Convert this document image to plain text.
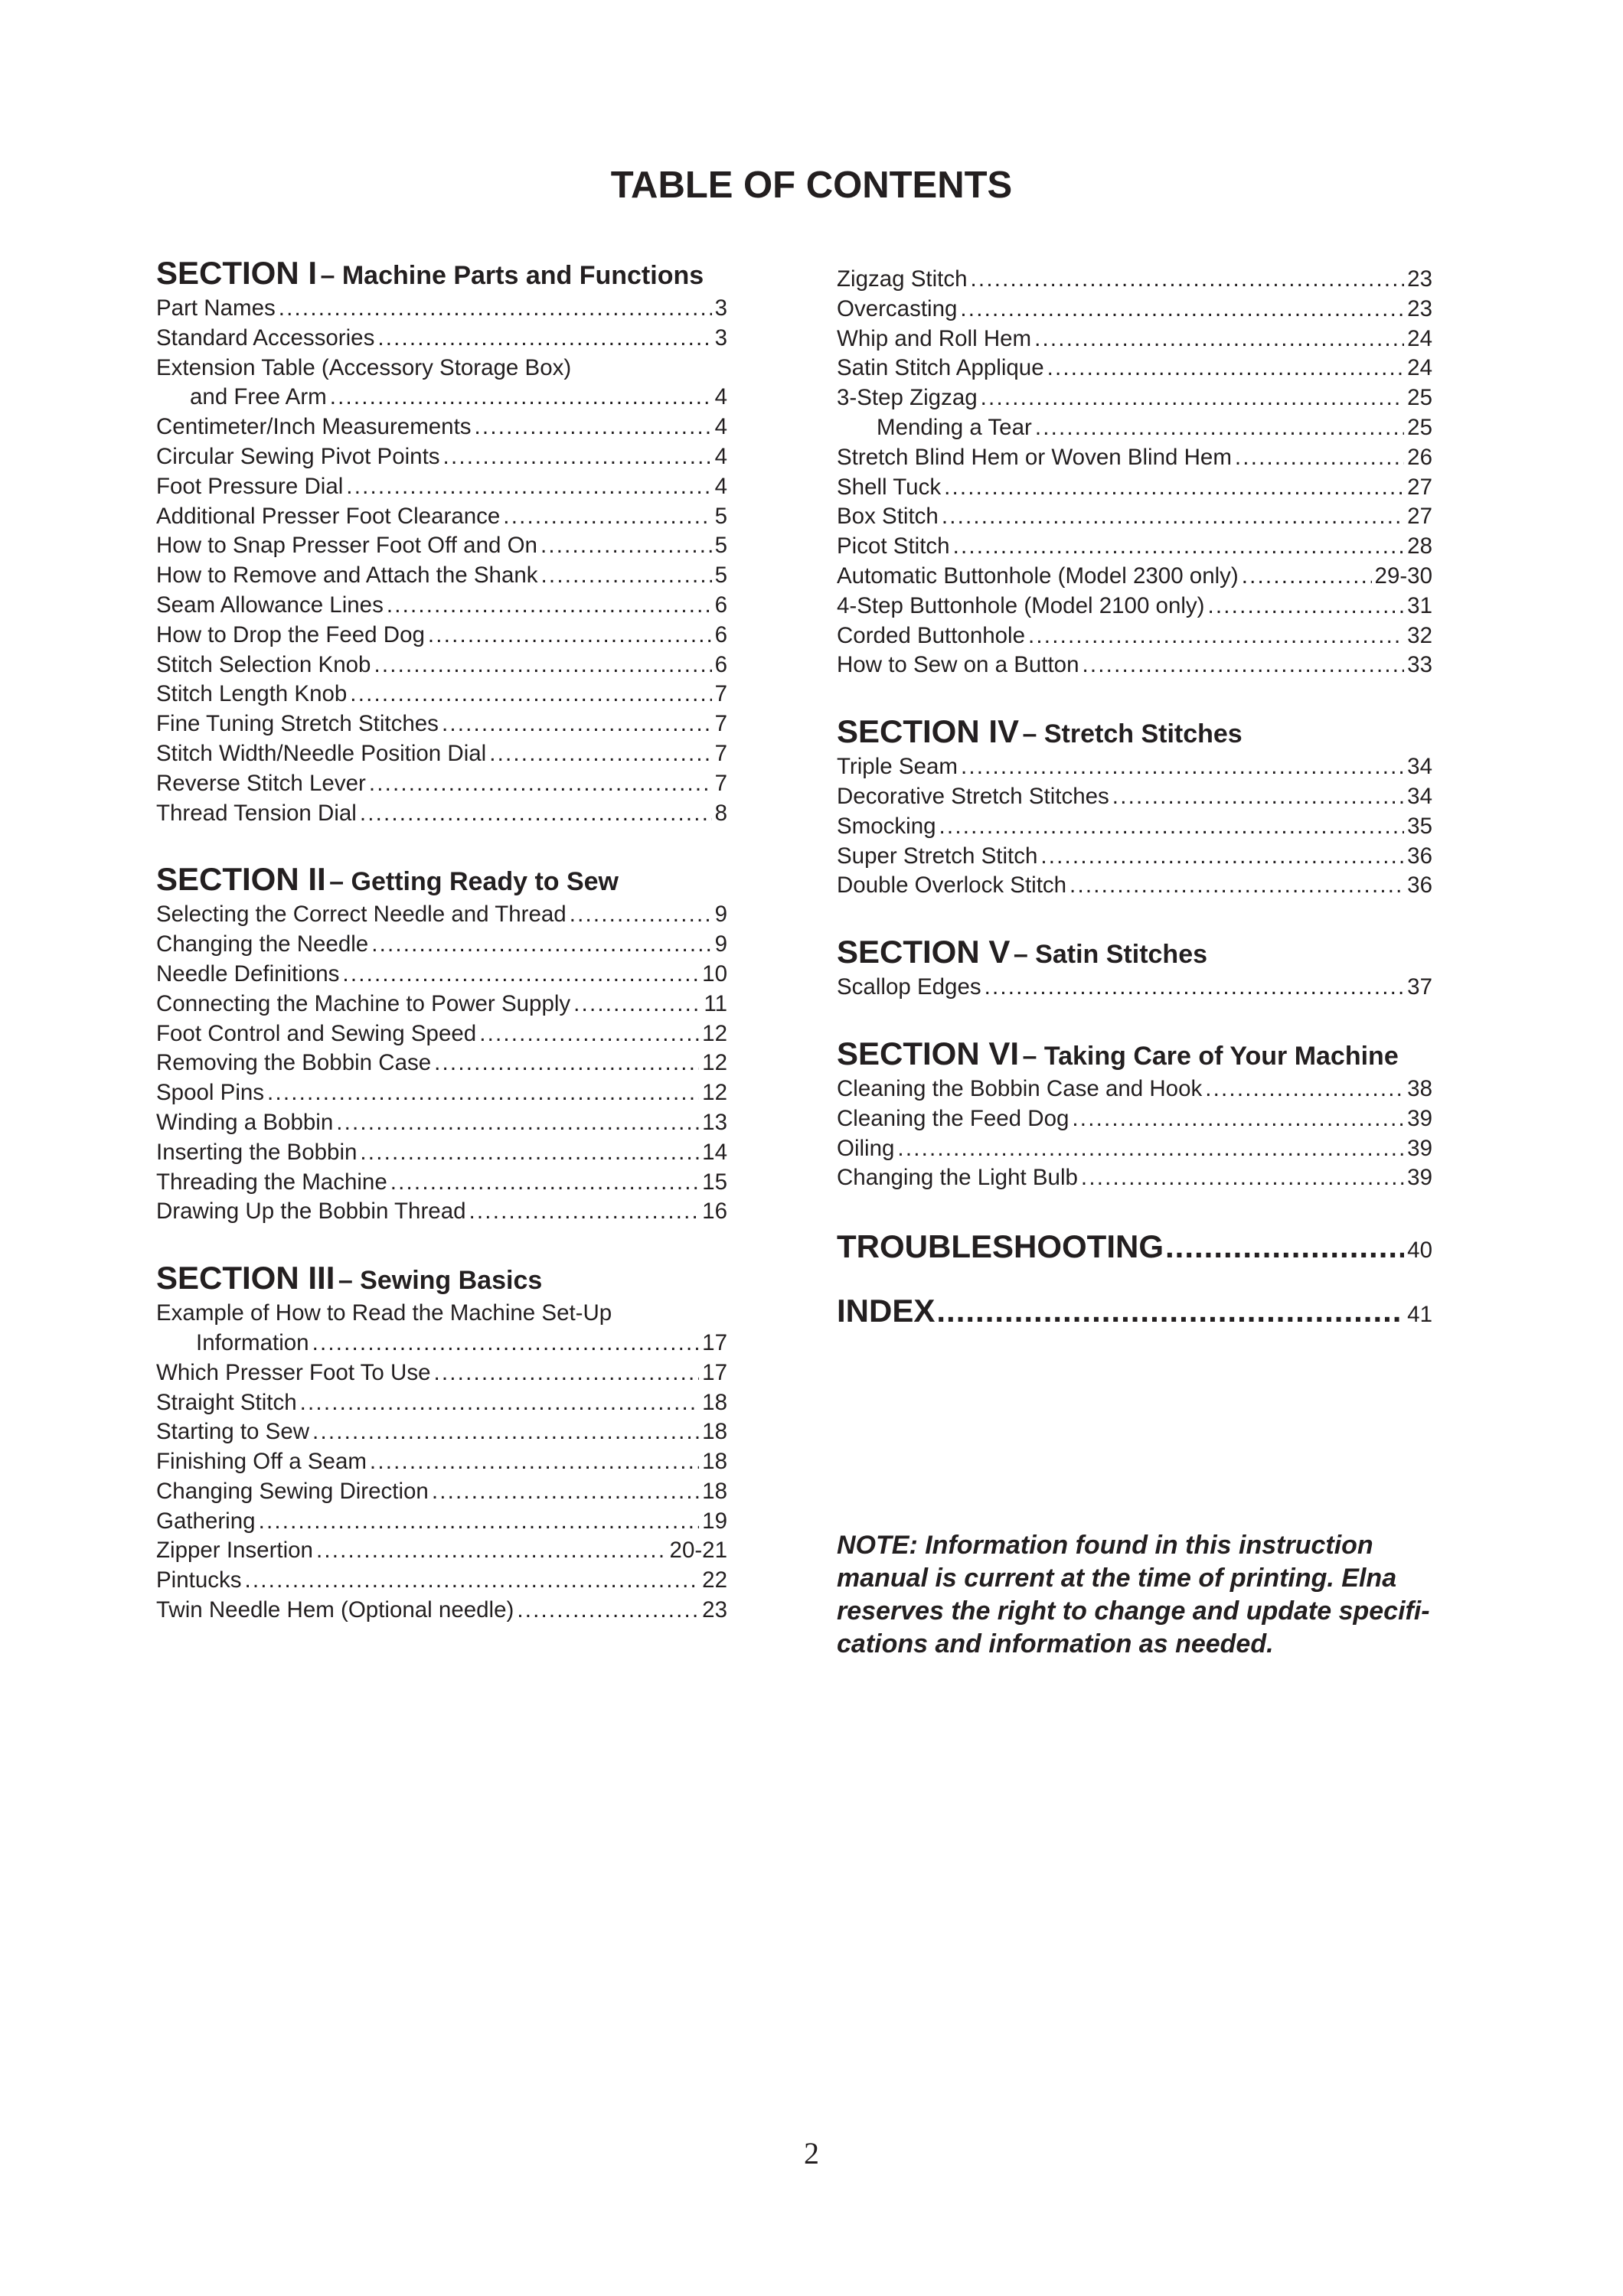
TABLE OF CONTENTS
SECTION I – Machine Parts and Functions
Part Names . . .	3
Standard Accessories . . .	3
Extension Table (Accessory Storage Box)
and Free Arm . . .	4
Centimeter/Inch Measurements . . .	4
Circular Sewing Pivot Points . . .	4
Foot Pressure Dial . . .	4
Additional Presser Foot Clearance . . .	5
How to Snap Presser Foot Off and On . . .	5
How to Remove and Attach the Shank . . .	5
Seam Allowance Lines . . .	6
How to Drop the Feed Dog . . .	6
Stitch Selection Knob . . .	6
Stitch Length Knob . . .	7
Fine Tuning Stretch Stitches . . .	7
Stitch Width/Needle Position Dial . . .	7
Reverse Stitch Lever . . .	7
Thread Tension Dial . . .	8
SECTION II – Getting Ready to Sew
Selecting the Correct Needle and Thread . . .	9
Changing the Needle . . .	9
Needle Definitions . . .	10
Connecting the Machine to Power Supply . . .	11
Foot Control and Sewing Speed . . .	12
Removing the Bobbin Case . . .	12
Spool Pins . . .	12
Winding a Bobbin . . .	13
Inserting the Bobbin . . .	14
Threading the Machine . . .	15
Drawing Up the Bobbin Thread . . .	16
SECTION III – Sewing Basics
Example of How to Read the Machine Set-Up
Information . . .	17
Which Presser Foot To Use . . .	17
Straight Stitch . . .	18
Starting to Sew . . .	18
Finishing Off a Seam . . .	18
Changing Sewing Direction . . .	18
Gathering . . .	19
Zipper Insertion . . .	20-21
Pintucks . . .	22
Twin Needle Hem (Optional needle) . . .	23
Zigzag Stitch . . .	23
Overcasting . . .	23
Whip and Roll Hem . . .	24
Satin Stitch Applique . . .	24
3-Step Zigzag . . .	25
Mending a Tear . . .	25
Stretch Blind Hem or Woven Blind Hem . . .	26
Shell Tuck . . .	27
Box Stitch . . .	27
Picot Stitch . . .	28
Automatic Buttonhole (Model 2300 only) . . .	29-30
4-Step Buttonhole (Model 2100 only) . . .	31
Corded Buttonhole . . .	32
How to Sew on a Button . . .	33
SECTION IV – Stretch Stitches
Triple Seam . . .	34
Decorative Stretch Stitches . . .	34
Smocking . . .	35
Super Stretch Stitch . . .	36
Double Overlock Stitch . . .	36
SECTION V – Satin Stitches
Scallop Edges . . .	37
SECTION VI – Taking Care of Your Machine
Cleaning the Bobbin Case and Hook . . .	38
Cleaning the Feed Dog . . .	39
Oiling . . .	39
Changing the Light Bulb . . .	39
TROUBLESHOOTING .....	40
INDEX .....	41
NOTE: Information found in this instruction
manual is current at the time of printing. Elna
reserves the right to change and update specifi-
cations and information as needed.
2
